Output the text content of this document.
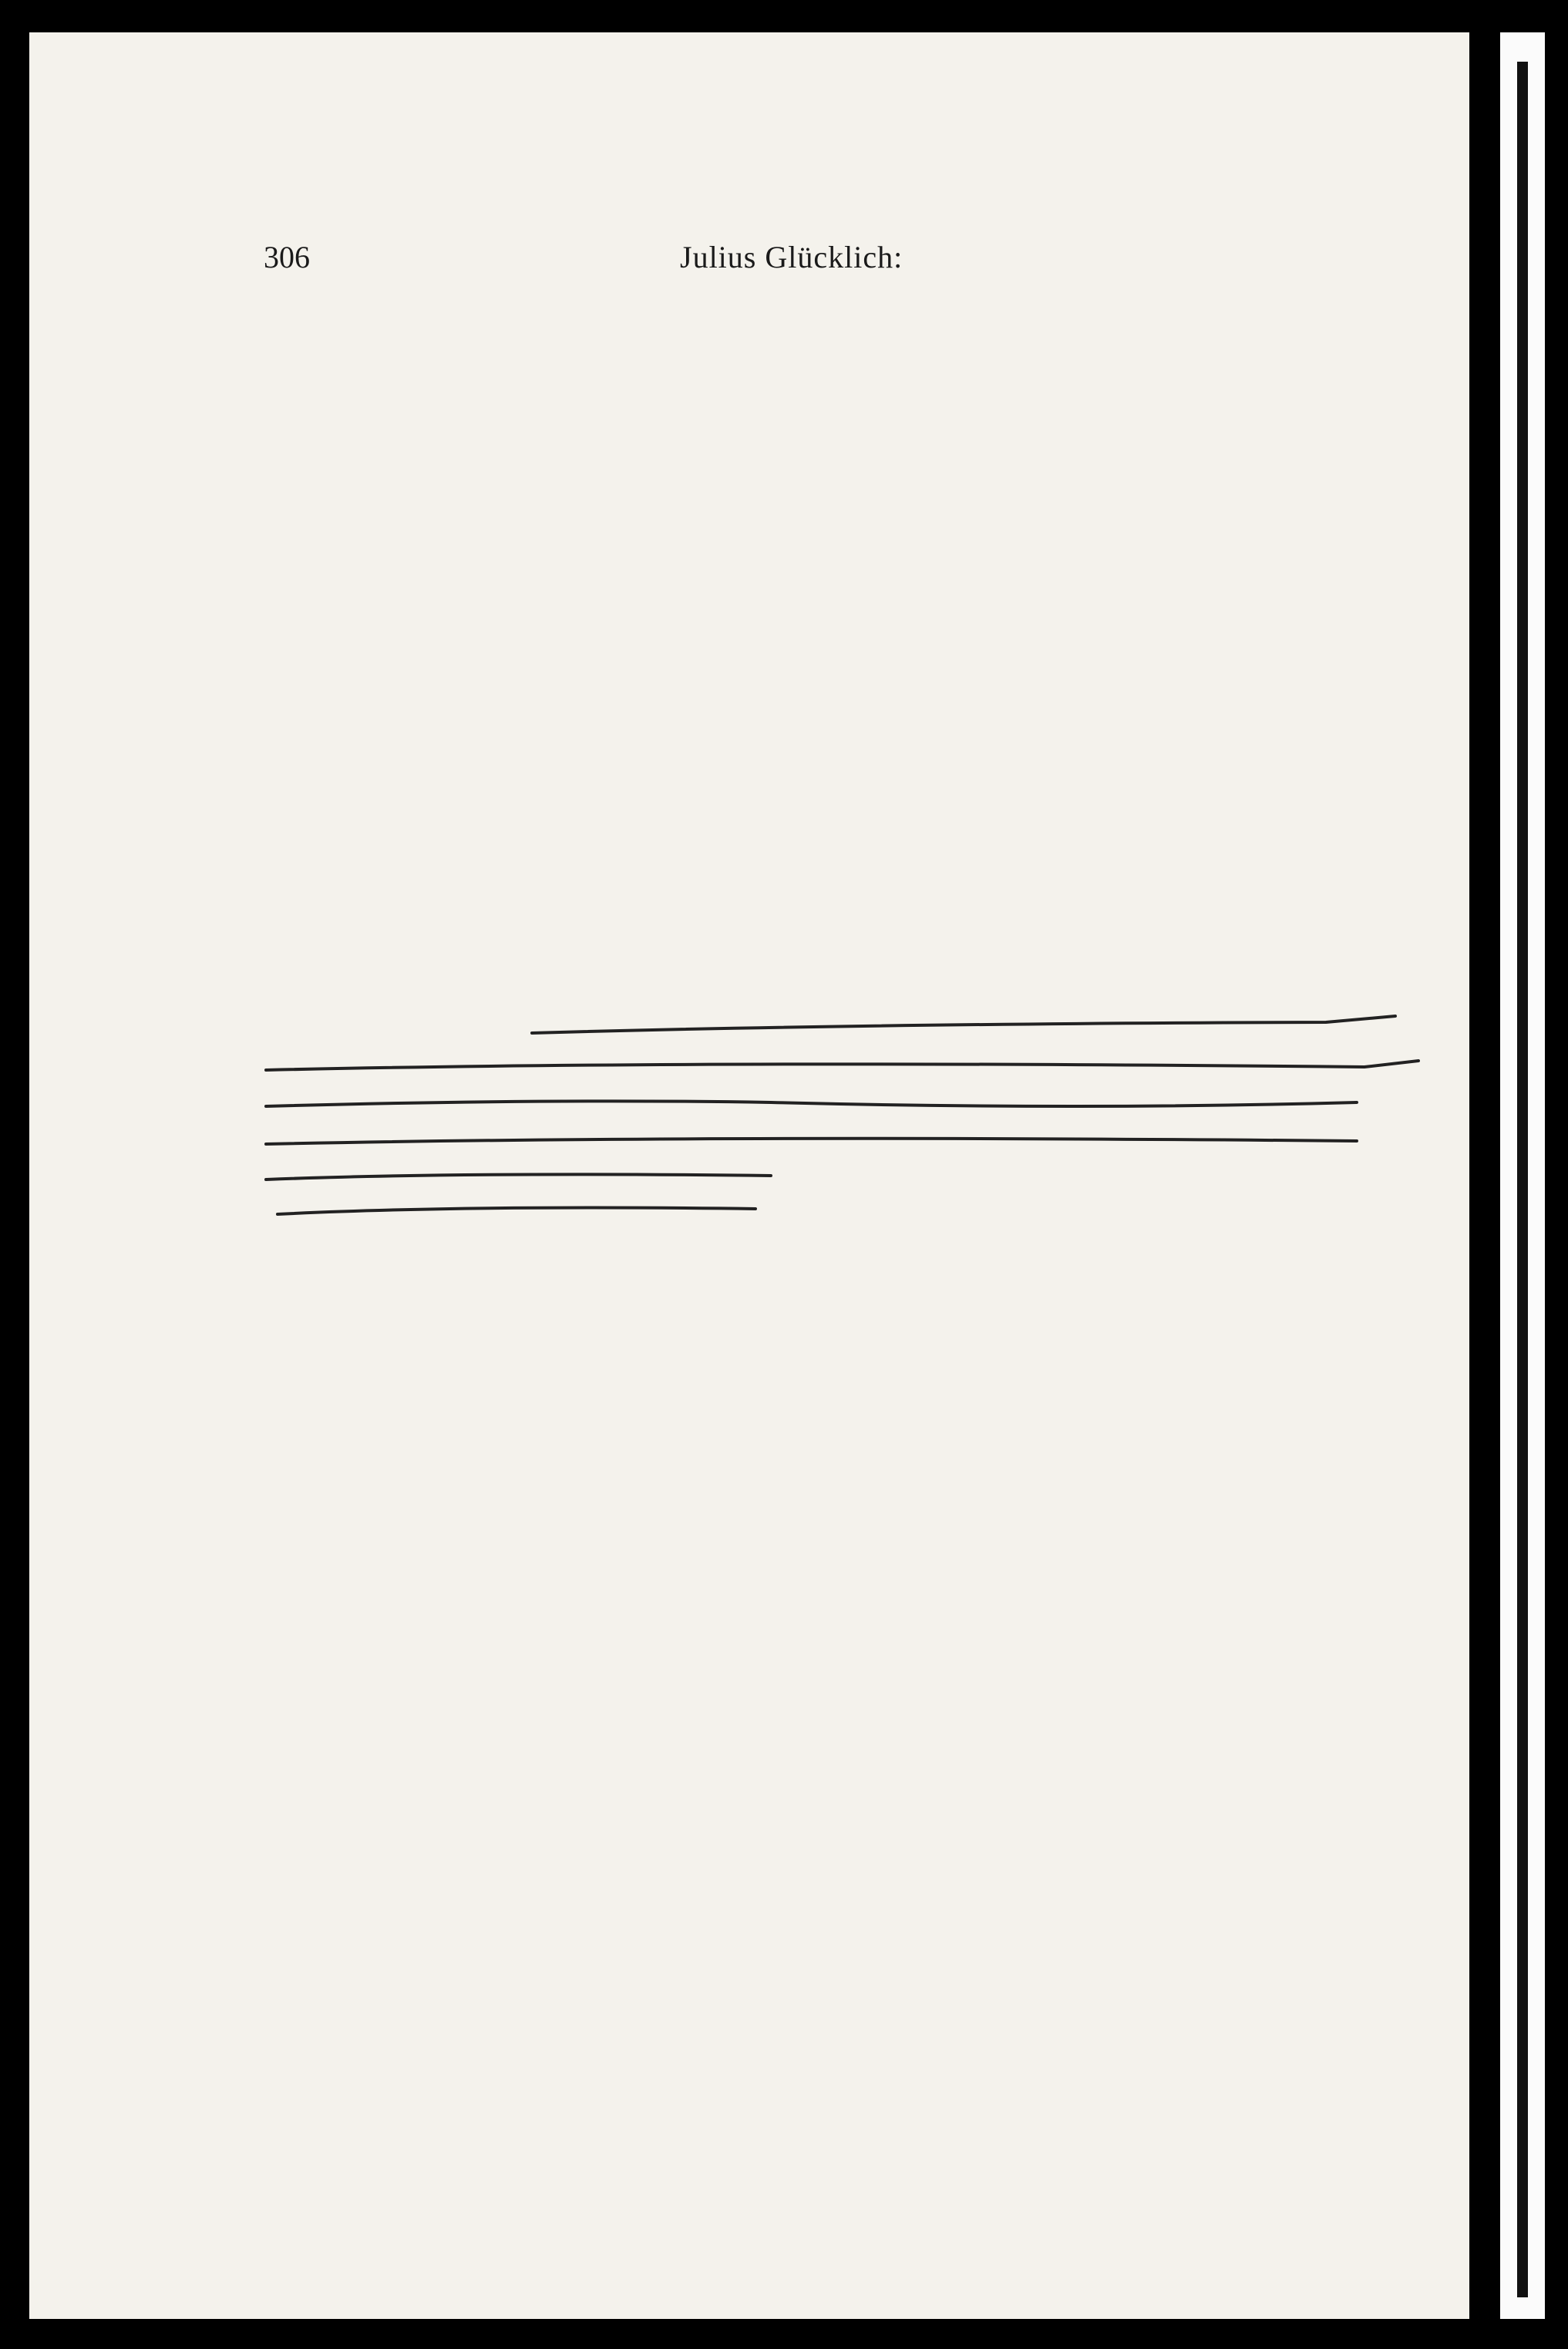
306	Julius Glücklich:
